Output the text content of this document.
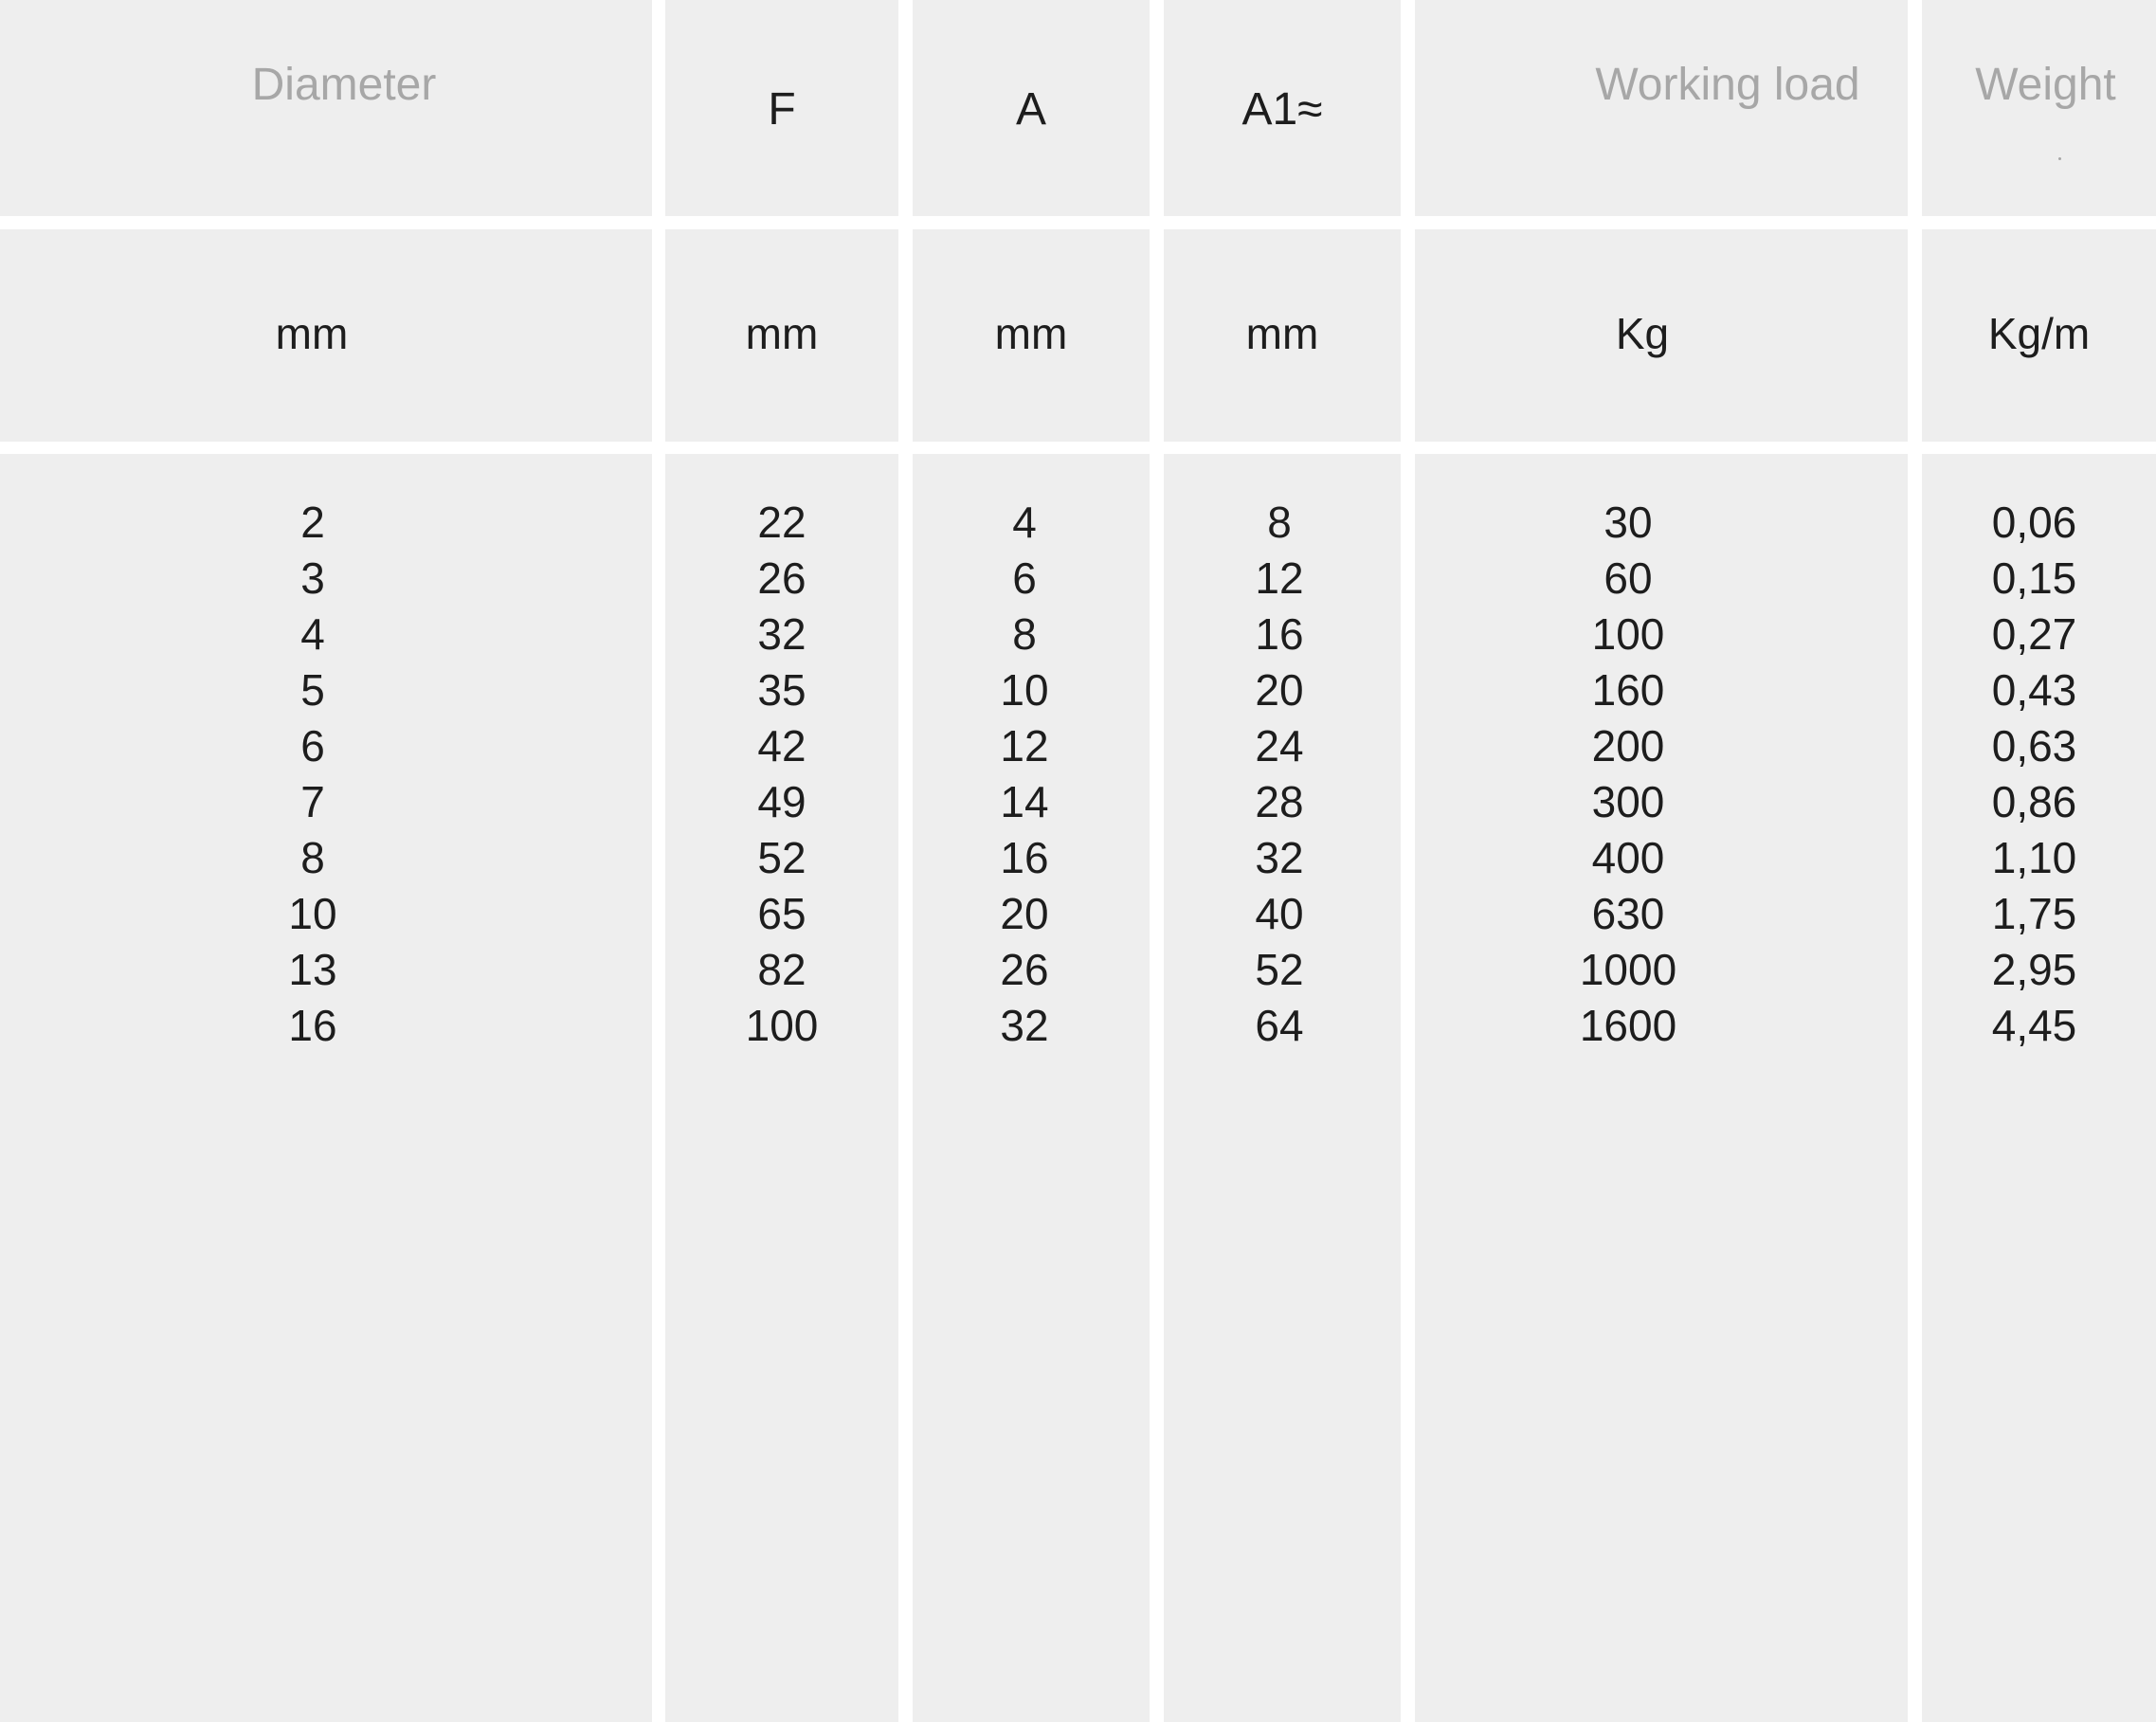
Diameter
mm
2
3
4
5
6
7
8
10
13
16
F
mm
22
26
32
35
42
49
52
65
82
100
A
mm
4
6
8
10
12
14
16
20
26
32
A1≈
mm
8
12
16
20
24
28
32
40
52
64
Working load
Kg
30
60
100
160
200
300
400
630
1000
1600
Weight
Kg/m
0,06
0,15
0,27
0,43
0,63
0,86
1,10
1,75
2,95
4,45
